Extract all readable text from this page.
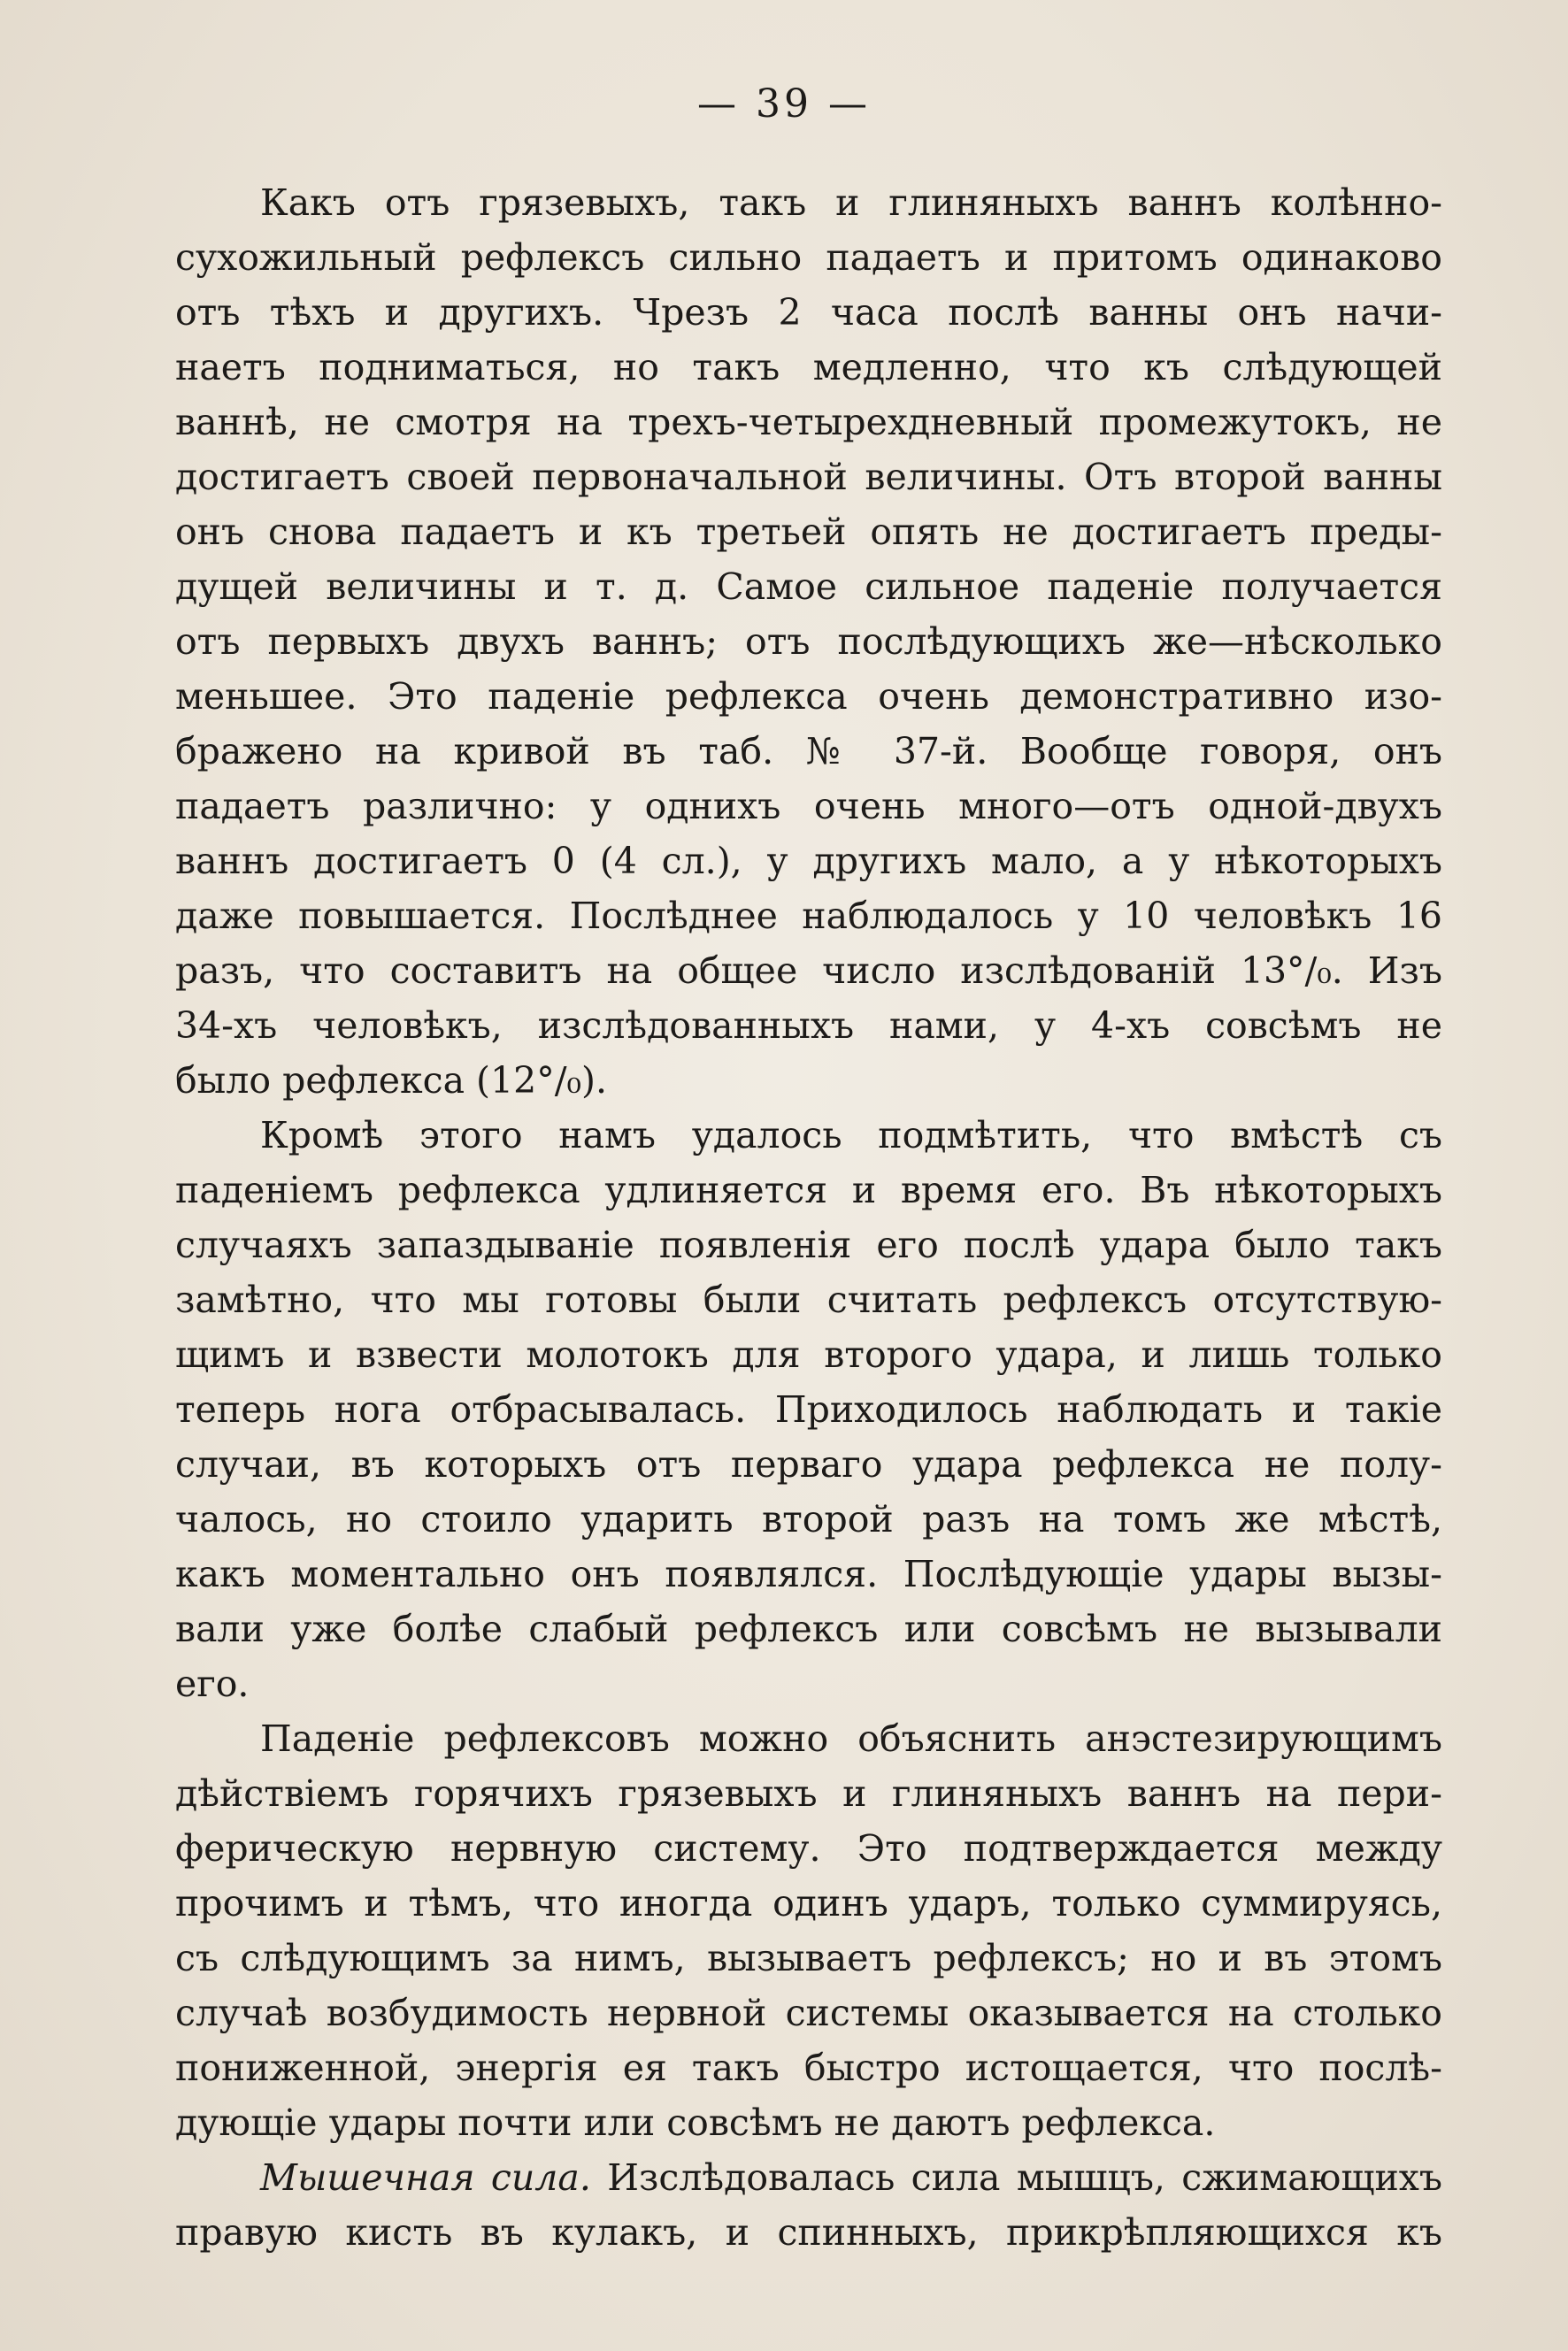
— 39 —
Какъ отъ грязевыхъ, такъ и глиняныхъ ваннъ колѣнно-
сухожильный рефлексъ сильно падаетъ и притомъ одинаково
отъ тѣхъ и другихъ. Чрезъ 2 часа послѣ ванны онъ начи-
наетъ подниматься, но такъ медленно, что къ слѣдующей
ваннѣ, не смотря на трехъ-четырехдневный промежутокъ, не
достигаетъ своей первоначальной величины. Отъ второй ванны
онъ снова падаетъ и къ третьей опять не достигаетъ преды-
дущей величины и т. д. Самое сильное паденіе получается
отъ первыхъ двухъ ваннъ; отъ послѣдующихъ же—нѣсколько
меньшее. Это паденіе рефлекса очень демонстративно изо-
бражено на кривой въ таб. № 37-й. Вообще говоря, онъ
падаетъ различно: у однихъ очень много—отъ одной-двухъ
ваннъ достигаетъ 0 (4 сл.), у другихъ мало, а у нѣкоторыхъ
даже повышается. Послѣднее наблюдалось у 10 человѣкъ 16
разъ, что составитъ на общее число изслѣдованій 13°/₀. Изъ
34-хъ человѣкъ, изслѣдованныхъ нами, у 4-хъ совсѣмъ не
было рефлекса (12°/₀).
Кромѣ этого намъ удалось подмѣтить, что вмѣстѣ съ
паденіемъ рефлекса удлиняется и время его. Въ нѣкоторыхъ
случаяхъ запаздываніе появленія его послѣ удара было такъ
замѣтно, что мы готовы были считать рефлексъ отсутствую-
щимъ и взвести молотокъ для второго удара, и лишь только
теперь нога отбрасывалась. Приходилось наблюдать и такіе
случаи, въ которыхъ отъ перваго удара рефлекса не полу-
чалось, но стоило ударить второй разъ на томъ же мѣстѣ,
какъ моментально онъ появлялся. Послѣдующіе удары вызы-
вали уже болѣе слабый рефлексъ или совсѣмъ не вызывали
его.
Паденіе рефлексовъ можно объяснить анэстезирующимъ
дѣйствіемъ горячихъ грязевыхъ и глиняныхъ ваннъ на пери-
ферическую нервную систему. Это подтверждается между
прочимъ и тѣмъ, что иногда одинъ ударъ, только суммируясь,
съ слѣдующимъ за нимъ, вызываетъ рефлексъ; но и въ этомъ
случаѣ возбудимость нервной системы оказывается на столько
пониженной, энергія ея такъ быстро истощается, что послѣ-
дующіе удары почти или совсѣмъ не даютъ рефлекса.
Мышечная сила. Изслѣдовалась сила мышцъ, сжимающихъ
правую кисть въ кулакъ, и спинныхъ, прикрѣпляющихся къ
